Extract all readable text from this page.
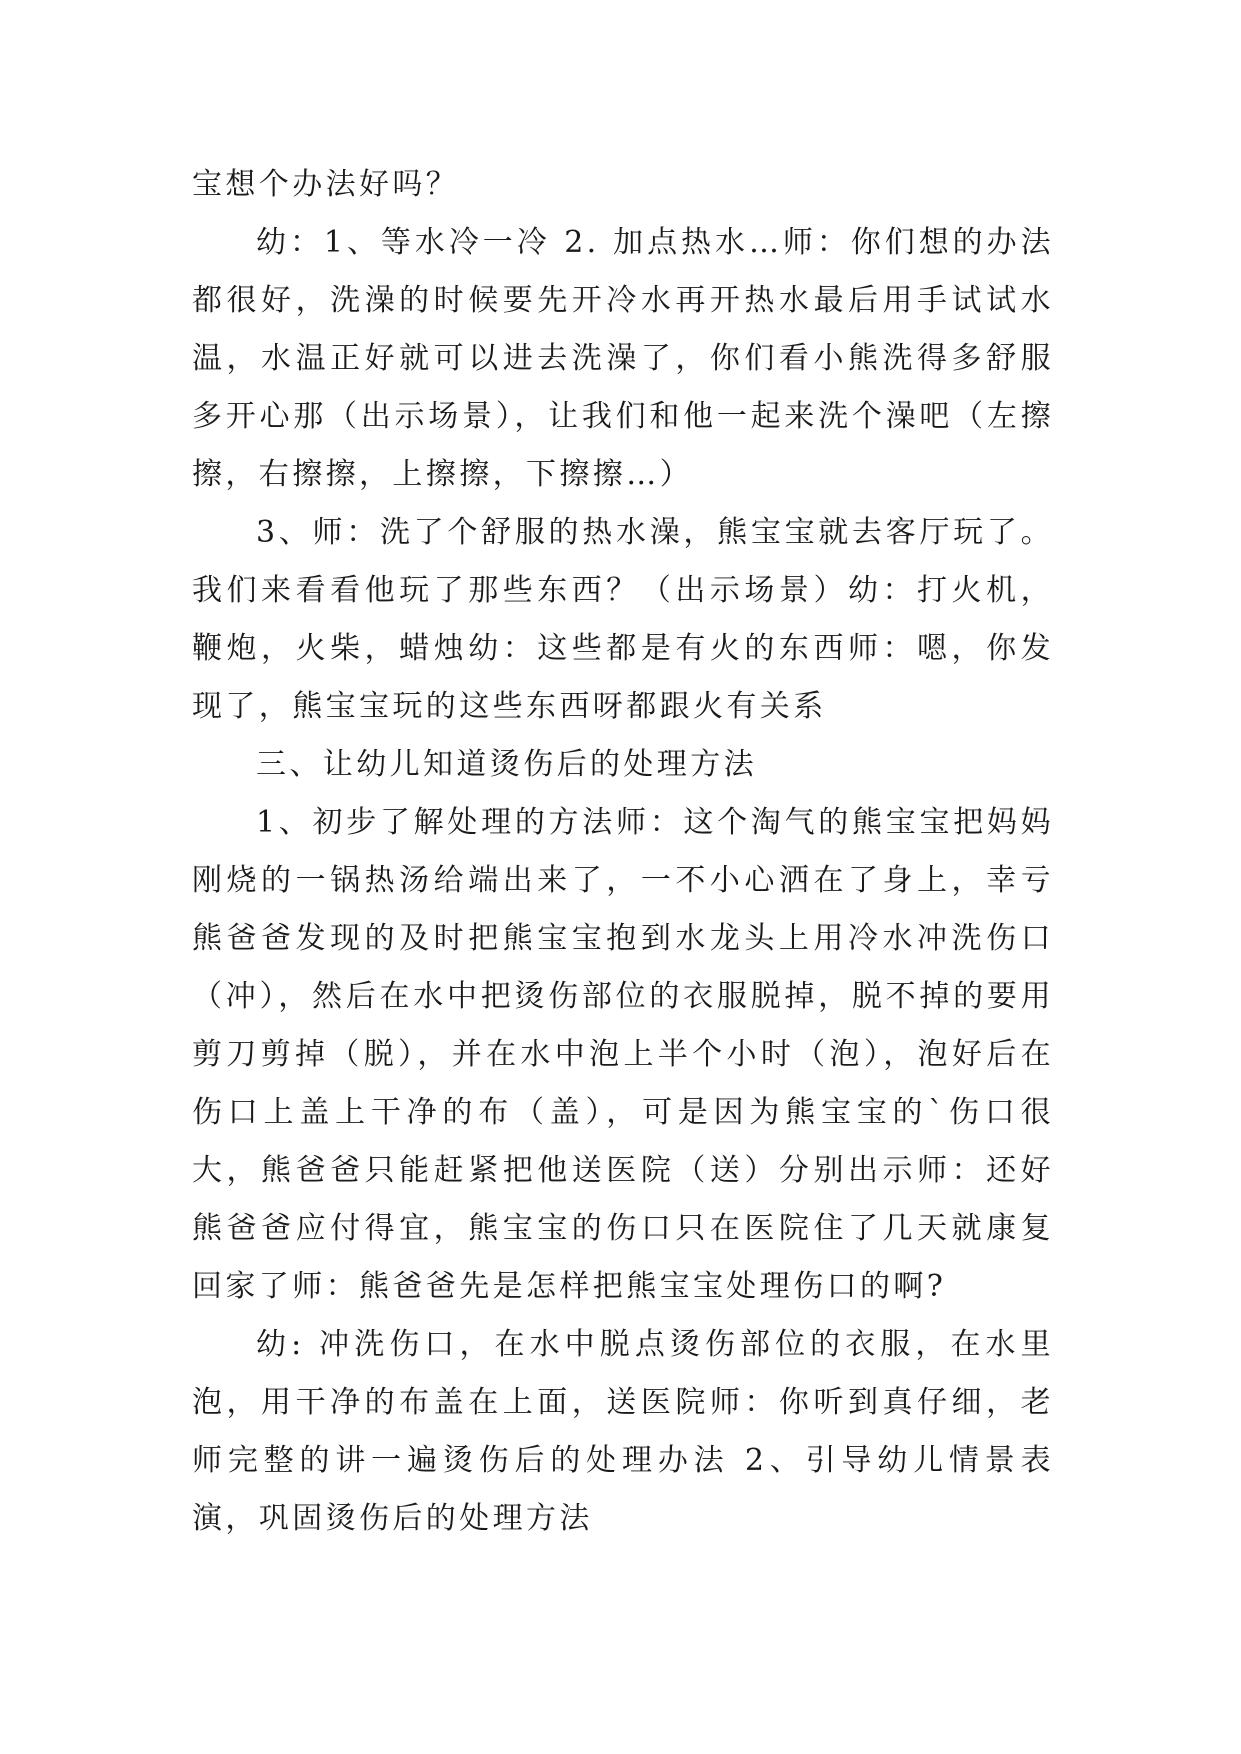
宝想个办法好吗？

幼：1、等水冷一冷 2. 加点热水…师：你们想的办法都很好，洗澡的时候要先开冷水再开热水最后用手试试水温，水温正好就可以进去洗澡了，你们看小熊洗得多舒服多开心那（出示场景），让我们和他一起来洗个澡吧（左擦擦，右擦擦，上擦擦，下擦擦…）

3、师：洗了个舒服的热水澡，熊宝宝就去客厅玩了。我们来看看他玩了那些东西？（出示场景）幼：打火机，鞭炮，火柴，蜡烛幼：这些都是有火的东西师：嗯，你发现了，熊宝宝玩的这些东西呀都跟火有关系

三、让幼儿知道烫伤后的处理方法

1、初步了解处理的方法师：这个淘气的熊宝宝把妈妈刚烧的一锅热汤给端出来了，一不小心洒在了身上，幸亏熊爸爸发现的及时把熊宝宝抱到水龙头上用冷水冲洗伤口（冲），然后在水中把烫伤部位的衣服脱掉，脱不掉的要用剪刀剪掉（脱），并在水中泡上半个小时（泡），泡好后在伤口上盖上干净的布（盖），可是因为熊宝宝的`伤口很大，熊爸爸只能赶紧把他送医院（送）分别出示师：还好熊爸爸应付得宜，熊宝宝的伤口只在医院住了几天就康复回家了师：熊爸爸先是怎样把熊宝宝处理伤口的啊?

幼: 冲洗伤口，在水中脱点烫伤部位的衣服，在水里泡，用干净的布盖在上面，送医院师：你听到真仔细，老师完整的讲一遍烫伤后的处理办法 2、引导幼儿情景表演，巩固烫伤后的处理方法
